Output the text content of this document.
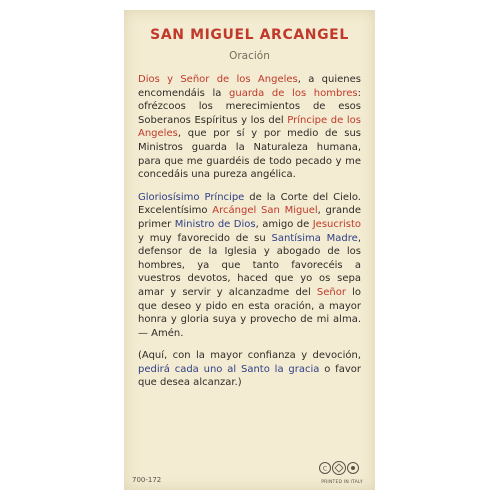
SAN MIGUEL ARCANGEL
Oración

Dios y Señor de los Angeles, a quienes encomendáis la guarda de los hombres: ofrézcoos los merecimientos de esos Soberanos Espíritus y los del Príncipe de los Angeles, que por sí y por medio de sus Ministros guarda la Naturaleza humana, para que me guardéis de todo pecado y me concedáis una pureza angélica.

Gloriosísimo Príncipe de la Corte del Cielo. Excelentísimo Arcángel San Miguel, grande primer Ministro de Dios, amigo de Jesucristo y muy favorecido de su Santísima Madre, defensor de la Iglesia y abogado de los hombres, ya que tanto favorecéis a vuestros devotos, haced que yo os sepa amar y servir y alcanzadme del Señor lo que deseo y pido en esta oración, a mayor honra y gloria suya y provecho de mi alma. — Amén.

(Aquí, con la mayor confianza y devoción, pedirá cada uno al Santo la gracia o favor que desea alcanzar.)

700-172
C
PRINTED IN ITALY
